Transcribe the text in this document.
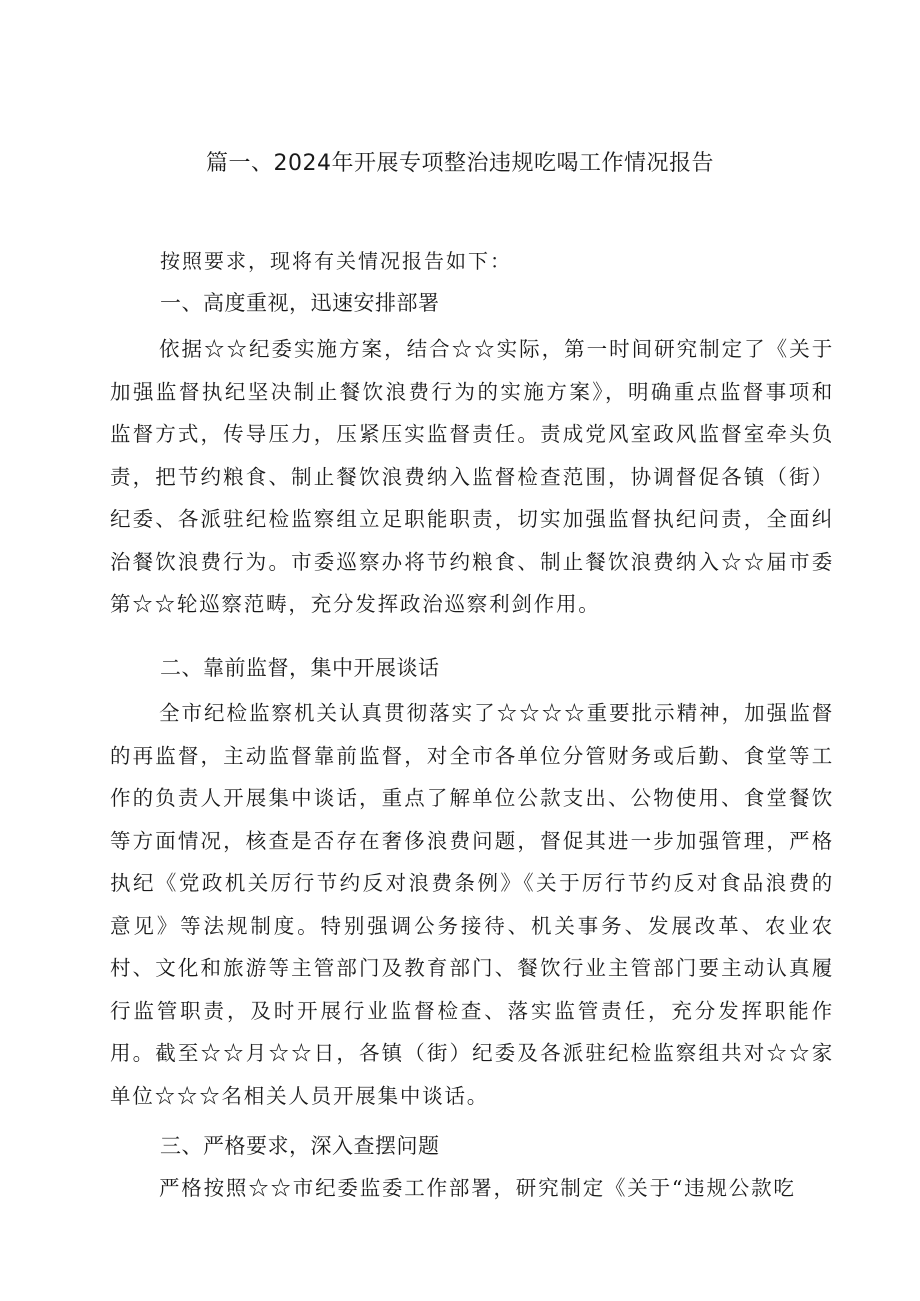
篇一、2024年开展专项整治违规吃喝工作情况报告

按照要求，现将有关情况报告如下：

一、高度重视，迅速安排部署

依据☆☆纪委实施方案，结合☆☆实际，第一时间研究制定了《关于加强监督执纪坚决制止餐饮浪费行为的实施方案》，明确重点监督事项和监督方式，传导压力，压紧压实监督责任。责成党风室政风监督室牵头负责，把节约粮食、制止餐饮浪费纳入监督检查范围，协调督促各镇（街）纪委、各派驻纪检监察组立足职能职责，切实加强监督执纪问责，全面纠治餐饮浪费行为。市委巡察办将节约粮食、制止餐饮浪费纳入☆☆届市委第☆☆轮巡察范畴，充分发挥政治巡察利剑作用。

二、靠前监督，集中开展谈话

全市纪检监察机关认真贯彻落实了☆☆☆☆重要批示精神，加强监督的再监督，主动监督靠前监督，对全市各单位分管财务或后勤、食堂等工作的负责人开展集中谈话，重点了解单位公款支出、公物使用、食堂餐饮等方面情况，核查是否存在奢侈浪费问题，督促其进一步加强管理，严格执纪《党政机关厉行节约反对浪费条例》《关于厉行节约反对食品浪费的意见》等法规制度。特别强调公务接待、机关事务、发展改革、农业农村、文化和旅游等主管部门及教育部门、餐饮行业主管部门要主动认真履行监管职责，及时开展行业监督检查、落实监管责任，充分发挥职能作用。截至☆☆月☆☆日，各镇（街）纪委及各派驻纪检监察组共对☆☆家单位☆☆☆名相关人员开展集中谈话。

三、严格要求，深入查摆问题

严格按照☆☆市纪委监委工作部署，研究制定《关于“违规公款吃
